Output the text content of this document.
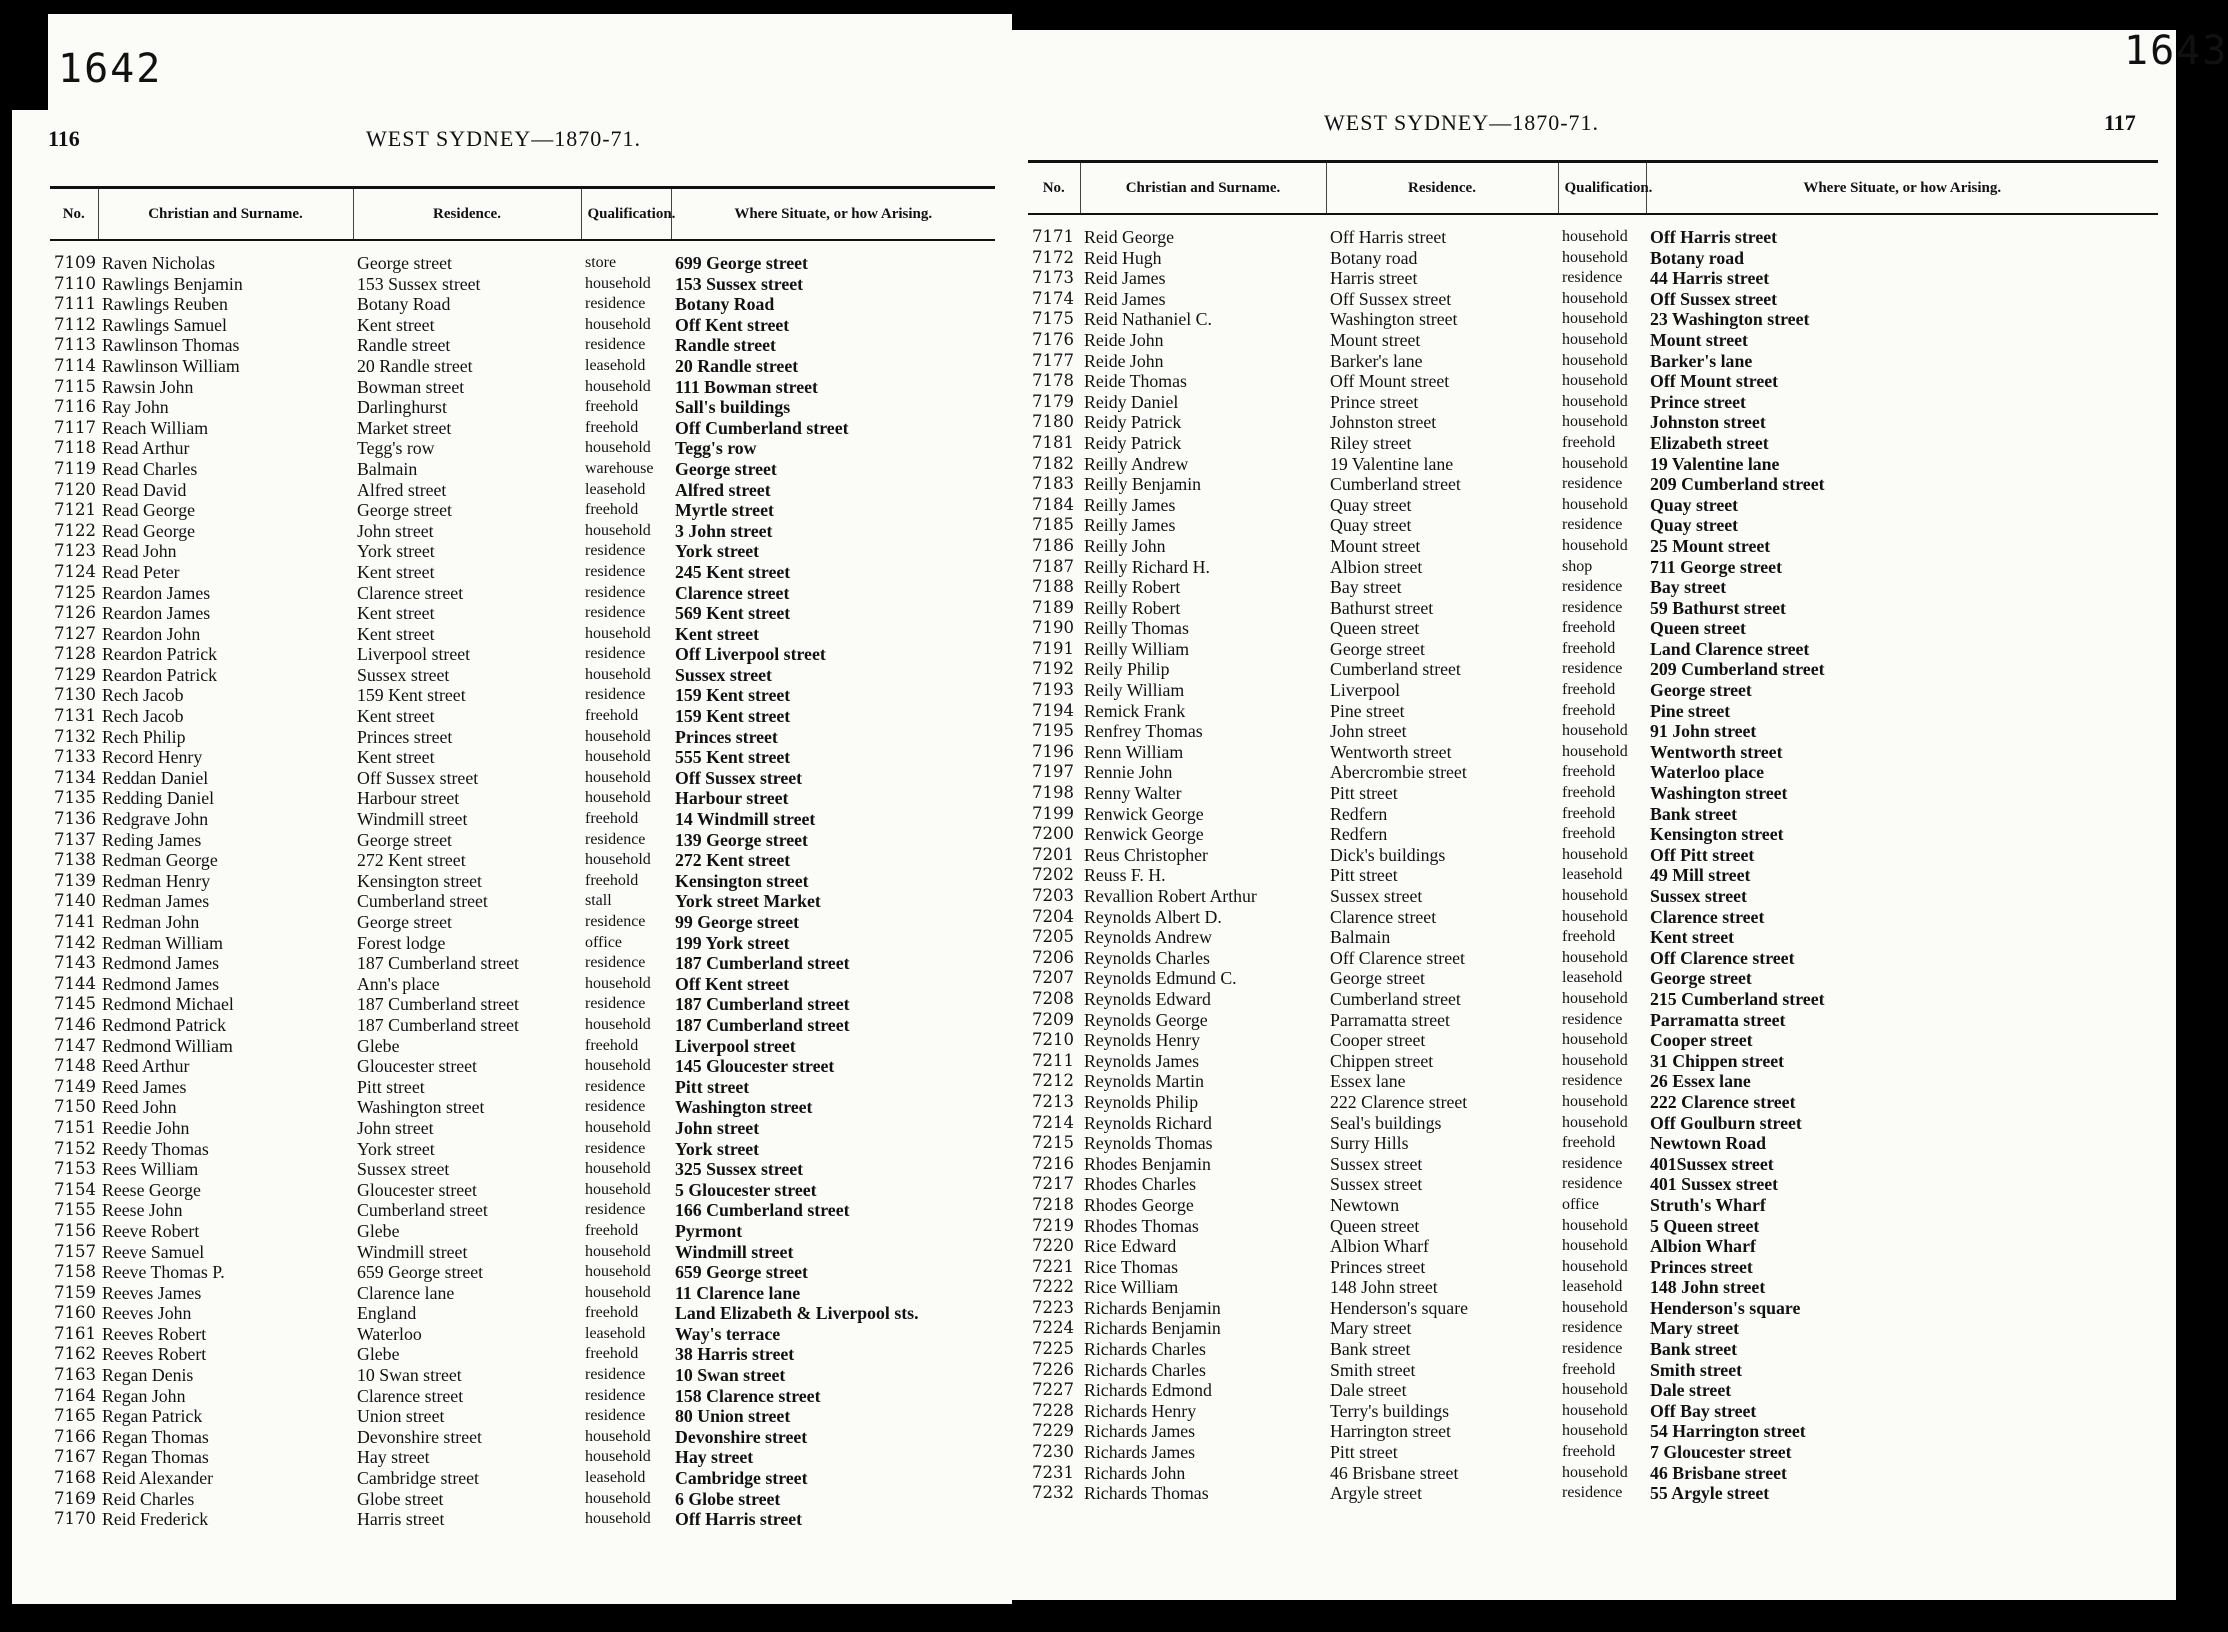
1642
116	WEST SYDNEY—1870-71.
No.	Christian and Surname.	Residence.	Qualification.	Where Situate, or how Arising.
7109	Raven Nicholas	George street	store	699 George street
7110	Rawlings Benjamin	153 Sussex street	household	153 Sussex street
7111	Rawlings Reuben	Botany Road	residence	Botany Road
7112	Rawlings Samuel	Kent street	household	Off Kent street
7113	Rawlinson Thomas	Randle street	residence	Randle street
7114	Rawlinson William	20 Randle street	leasehold	20 Randle street
7115	Rawsin John	Bowman street	household	111 Bowman street
7116	Ray John	Darlinghurst	freehold	Sall's buildings
7117	Reach William	Market street	freehold	Off Cumberland street
7118	Read Arthur	Tegg's row	household	Tegg's row
7119	Read Charles	Balmain	warehouse	George street
7120	Read David	Alfred street	leasehold	Alfred street
7121	Read George	George street	freehold	Myrtle street
7122	Read George	John street	household	3 John street
7123	Read John	York street	residence	York street
7124	Read Peter	Kent street	residence	245 Kent street
7125	Reardon James	Clarence street	residence	Clarence street
7126	Reardon James	Kent street	residence	569 Kent street
7127	Reardon John	Kent street	household	Kent street
7128	Reardon Patrick	Liverpool street	residence	Off Liverpool street
7129	Reardon Patrick	Sussex street	household	Sussex street
7130	Rech Jacob	159 Kent street	residence	159 Kent street
7131	Rech Jacob	Kent street	freehold	159 Kent street
7132	Rech Philip	Princes street	household	Princes street
7133	Record Henry	Kent street	household	555 Kent street
7134	Reddan Daniel	Off Sussex street	household	Off Sussex street
7135	Redding Daniel	Harbour street	household	Harbour street
7136	Redgrave John	Windmill street	freehold	14 Windmill street
7137	Reding James	George street	residence	139 George street
7138	Redman George	272 Kent street	household	272 Kent street
7139	Redman Henry	Kensington street	freehold	Kensington street
7140	Redman James	Cumberland street	stall	York street Market
7141	Redman John	George street	residence	99 George street
7142	Redman William	Forest lodge	office	199 York street
7143	Redmond James	187 Cumberland street	residence	187 Cumberland street
7144	Redmond James	Ann's place	household	Off Kent street
7145	Redmond Michael	187 Cumberland street	residence	187 Cumberland street
7146	Redmond Patrick	187 Cumberland street	household	187 Cumberland street
7147	Redmond William	Glebe	freehold	Liverpool street
7148	Reed Arthur	Gloucester street	household	145 Gloucester street
7149	Reed James	Pitt street	residence	Pitt street
7150	Reed John	Washington street	residence	Washington street
7151	Reedie John	John street	household	John street
7152	Reedy Thomas	York street	residence	York street
7153	Rees William	Sussex street	household	325 Sussex street
7154	Reese George	Gloucester street	household	5 Gloucester street
7155	Reese John	Cumberland street	residence	166 Cumberland street
7156	Reeve Robert	Glebe	freehold	Pyrmont
7157	Reeve Samuel	Windmill street	household	Windmill street
7158	Reeve Thomas P.	659 George street	household	659 George street
7159	Reeves James	Clarence lane	household	11 Clarence lane
7160	Reeves John	England	freehold	Land Elizabeth & Liverpool sts.
7161	Reeves Robert	Waterloo	leasehold	Way's terrace
7162	Reeves Robert	Glebe	freehold	38 Harris street
7163	Regan Denis	10 Swan street	residence	10 Swan street
7164	Regan John	Clarence street	residence	158 Clarence street
7165	Regan Patrick	Union street	residence	80 Union street
7166	Regan Thomas	Devonshire street	household	Devonshire street
7167	Regan Thomas	Hay street	household	Hay street
7168	Reid Alexander	Cambridge street	leasehold	Cambridge street
7169	Reid Charles	Globe street	household	6 Globe street
7170	Reid Frederick	Harris street	household	Off Harris street
1643
117
WEST SYDNEY—1870-71.
No.	Christian and Surname.	Residence.	Qualification.	Where Situate, or how Arising.
7171	Reid George	Off Harris street	household	Off Harris street
7172	Reid Hugh	Botany road	household	Botany road
7173	Reid James	Harris street	residence	44 Harris street
7174	Reid James	Off Sussex street	household	Off Sussex street
7175	Reid Nathaniel C.	Washington street	household	23 Washington street
7176	Reide John	Mount street	household	Mount street
7177	Reide John	Barker's lane	household	Barker's lane
7178	Reide Thomas	Off Mount street	household	Off Mount street
7179	Reidy Daniel	Prince street	household	Prince street
7180	Reidy Patrick	Johnston street	household	Johnston street
7181	Reidy Patrick	Riley street	freehold	Elizabeth street
7182	Reilly Andrew	19 Valentine lane	household	19 Valentine lane
7183	Reilly Benjamin	Cumberland street	residence	209 Cumberland street
7184	Reilly James	Quay street	household	Quay street
7185	Reilly James	Quay street	residence	Quay street
7186	Reilly John	Mount street	household	25 Mount street
7187	Reilly Richard H.	Albion street	shop	711 George street
7188	Reilly Robert	Bay street	residence	Bay street
7189	Reilly Robert	Bathurst street	residence	59 Bathurst street
7190	Reilly Thomas	Queen street	freehold	Queen street
7191	Reilly William	George street	freehold	Land Clarence street
7192	Reily Philip	Cumberland street	residence	209 Cumberland street
7193	Reily William	Liverpool	freehold	George street
7194	Remick Frank	Pine street	freehold	Pine street
7195	Renfrey Thomas	John street	household	91 John street
7196	Renn William	Wentworth street	household	Wentworth street
7197	Rennie John	Abercrombie street	freehold	Waterloo place
7198	Renny Walter	Pitt street	freehold	Washington street
7199	Renwick George	Redfern	freehold	Bank street
7200	Renwick George	Redfern	freehold	Kensington street
7201	Reus Christopher	Dick's buildings	household	Off Pitt street
7202	Reuss F. H.	Pitt street	leasehold	49 Mill street
7203	Revallion Robert Arthur	Sussex street	household	Sussex street
7204	Reynolds Albert D.	Clarence street	household	Clarence street
7205	Reynolds Andrew	Balmain	freehold	Kent street
7206	Reynolds Charles	Off Clarence street	household	Off Clarence street
7207	Reynolds Edmund C.	George street	leasehold	George street
7208	Reynolds Edward	Cumberland street	household	215 Cumberland street
7209	Reynolds George	Parramatta street	residence	Parramatta street
7210	Reynolds Henry	Cooper street	household	Cooper street
7211	Reynolds James	Chippen street	household	31 Chippen street
7212	Reynolds Martin	Essex lane	residence	26 Essex lane
7213	Reynolds Philip	222 Clarence street	household	222 Clarence street
7214	Reynolds Richard	Seal's buildings	household	Off Goulburn street
7215	Reynolds Thomas	Surry Hills	freehold	Newtown Road
7216	Rhodes Benjamin	Sussex street	residence	401Sussex street
7217	Rhodes Charles	Sussex street	residence	401 Sussex street
7218	Rhodes George	Newtown	office	Struth's Wharf
7219	Rhodes Thomas	Queen street	household	5 Queen street
7220	Rice Edward	Albion Wharf	household	Albion Wharf
7221	Rice Thomas	Princes street	household	Princes street
7222	Rice William	148 John street	leasehold	148 John street
7223	Richards Benjamin	Henderson's square	household	Henderson's square
7224	Richards Benjamin	Mary street	residence	Mary street
7225	Richards Charles	Bank street	residence	Bank street
7226	Richards Charles	Smith street	freehold	Smith street
7227	Richards Edmond	Dale street	household	Dale street
7228	Richards Henry	Terry's buildings	household	Off Bay street
7229	Richards James	Harrington street	household	54 Harrington street
7230	Richards James	Pitt street	freehold	7 Gloucester street
7231	Richards John	46 Brisbane street	household	46 Brisbane street
7232	Richards Thomas	Argyle street	residence	55 Argyle street
